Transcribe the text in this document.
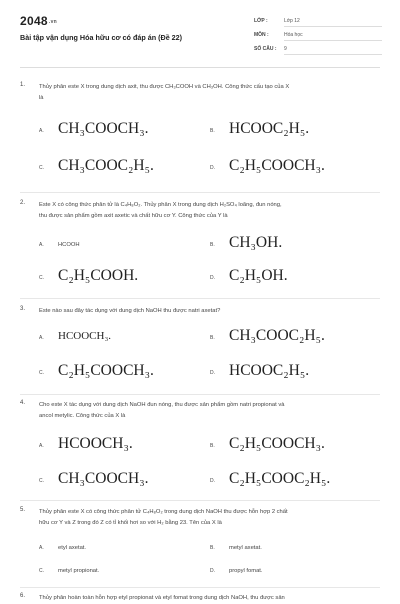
2048.vn
Bài tập vận dụng Hóa hữu cơ có đáp án (Đề 22)
LỚP :	Lớp 12
MÔN :	Hóa học
SỐ CÂU : 9
1. Thủy phân este X trong dung dịch axit, thu được CH₃COOH và CH₃OH. Công thức cấu tạo của X
là
A. CH₃COOCH₃.	B. HCOOC₂H₅.
C. CH₃COOC₂H₅.	D. C₂H₅COOCH₃.
2. Este X có công thức phân tử là C₄H₈O₂. Thủy phân X trong dung dịch H₂SO₄ loãng, đun nóng,
thu được sản phẩm gồm axit axetic và chất hữu cơ Y. Công thức của Y là
A. HCOOH	B. CH₃OH.
C. C₂H₅COOH.	D. C₂H₅OH.
3. Este nào sau đây tác dụng với dung dịch NaOH thu được natri axetat?
A. HCOOCH₃.	B. CH₃COOC₂H₅.
C. C₂H₅COOCH₃.	D. HCOOC₂H₅.
4. Cho este X tác dụng với dung dịch NaOH đun nóng, thu được sản phẩm gồm natri propionat và
ancol metylic. Công thức của X là
A. HCOOCH₃.	B. C₂H₅COOCH₃.
C. CH₃COOCH₃.	D. C₂H₅COOC₂H₅.
5. Thủy phân este X có công thức phân tử C₄H₈O₂ trong dung dịch NaOH thu được hỗn hợp 2 chất
hữu cơ Y và Z trong đó Z có tỉ khối hơi so với H₂ bằng 23. Tên của X là
A. etyl axetat.	B. metyl axetat.
C. metyl propionat.	D. propyl fomat.
6. Thủy phân hoàn toàn hỗn hợp etyl propionat và etyl fomat trong dung dịch NaOH, thu được sản
